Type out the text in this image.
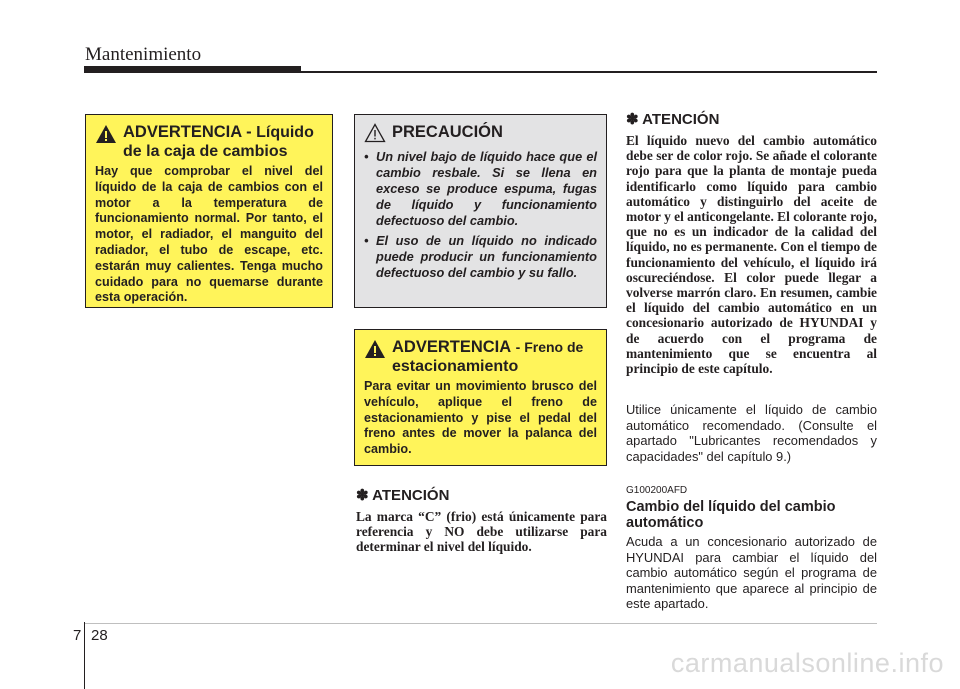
Mantenimiento
ADVERTENCIA - Líquido
de la caja de cambios
Hay que comprobar el nivel del líquido de la caja de cambios con el motor a la temperatura de funcionamiento normal. Por tanto, el motor, el radiador, el manguito del radiador, el tubo de escape, etc. estarán muy calientes. Tenga mucho cuidado para no quemarse durante esta operación.
PRECAUCIÓN
• Un nivel bajo de líquido hace que el cambio resbale. Si se llena en exceso se produce espuma, fugas de líquido y funcionamiento defectuoso del cambio.
• El uso de un líquido no indicado puede producir un funcionamiento defectuoso del cambio y su fallo.
ADVERTENCIA - Freno de
estacionamiento
Para evitar un movimiento brusco del vehículo, aplique el freno de estacionamiento y pise el pedal del freno antes de mover la palanca del cambio.
✽ ATENCIÓN
La marca “C” (frio) está únicamente para referencia y NO debe utilizarse para determinar el nivel del líquido.
✽ ATENCIÓN
El líquido nuevo del cambio automático debe ser de color rojo. Se añade el colorante rojo para que la planta de montaje pueda identificarlo como líquido para cambio automático y distinguirlo del aceite de motor y el anticongelante. El colorante rojo, que no es un indicador de la calidad del líquido, no es permanente. Con el tiempo de funcionamiento del vehículo, el líquido irá oscureciéndose. El color puede llegar a volverse marrón claro. En resumen, cambie el líquido del cambio automático en un concesionario autorizado de HYUNDAI y de acuerdo con el programa de mantenimiento que se encuentra al principio de este capítulo.
Utilice únicamente el líquido de cambio automático recomendado. (Consulte el apartado "Lubricantes recomendados y capacidades" del capítulo 9.)
G100200AFD
Cambio del líquido del cambio automático
Acuda a un concesionario autorizado de HYUNDAI para cambiar el líquido del cambio automático según el programa de mantenimiento que aparece al principio de este apartado.
7 28
carmanualsonline.info
